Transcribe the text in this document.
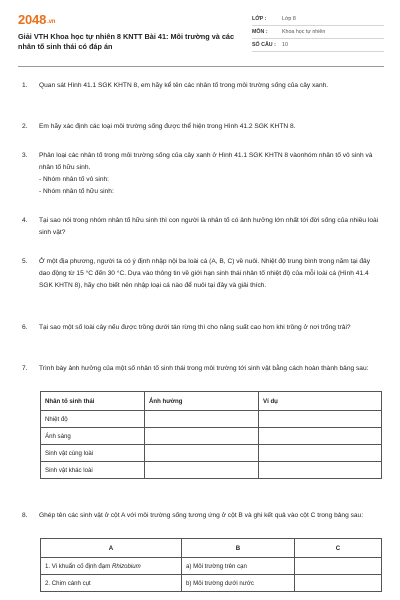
2048.vn
Giải VTH Khoa học tự nhiên 8 KNTT Bài 41: Môi trường và các nhân tố sinh thái có đáp án
LỚP :	Lớp 8
MÔN :	Khoa học tự nhiên
SỐ CÂU :	10
1. Quan sát Hình 41.1 SGK KHTN 8, em hãy kể tên các nhân tố trong môi trường sống của cây xanh.
2. Em hãy xác định các loại môi trường sống được thể hiện trong Hình 41.2 SGK KHTN 8.
3. Phân loại các nhân tố trong môi trường sống của cây xanh ở Hình 41.1 SGK KHTN 8 vàonhóm nhân tố vô sinh và nhân tố hữu sinh.
- Nhóm nhân tố vô sinh:
- Nhóm nhân tố hữu sinh:
4. Tại sao nói trong nhóm nhân tố hữu sinh thì con người là nhân tố có ảnh hưởng lớn nhất tới đời sống của nhiều loài sinh vật?
5. Ở một địa phương, người ta có ý định nhập nội ba loài cá (A, B, C) về nuôi. Nhiệt độ trung bình trong năm tại đây dao động từ 15 °C đến 30 °C. Dựa vào thông tin về giới hạn sinh thái nhân tố nhiệt độ của mỗi loài cá (Hình 41.4 SGK KHTN 8), hãy cho biết nên nhập loại cá nào để nuôi tại đây và giải thích.
6. Tại sao một số loài cây nếu được trồng dưới tán rừng thì cho năng suất cao hơn khi trồng ở nơi trống trải?
7. Trình bày ảnh hưởng của một số nhân tố sinh thái trong môi trường tới sinh vật bằng cách hoàn thành bảng sau:
Nhân tố sinh thái	Ảnh hưởng	Ví dụ
Nhiệt độ		
Ánh sáng		
Sinh vật cùng loài		
Sinh vật khác loài		
8. Ghép tên các sinh vật ở cột A với môi trường sống tương ứng ở cột B và ghi kết quả vào cột C trong bảng sau:
A	B	C
1. Vi khuẩn cố định đạm Rhizobium	a) Môi trường trên cạn	
2. Chim cánh cụt	b) Môi trường dưới nước	
